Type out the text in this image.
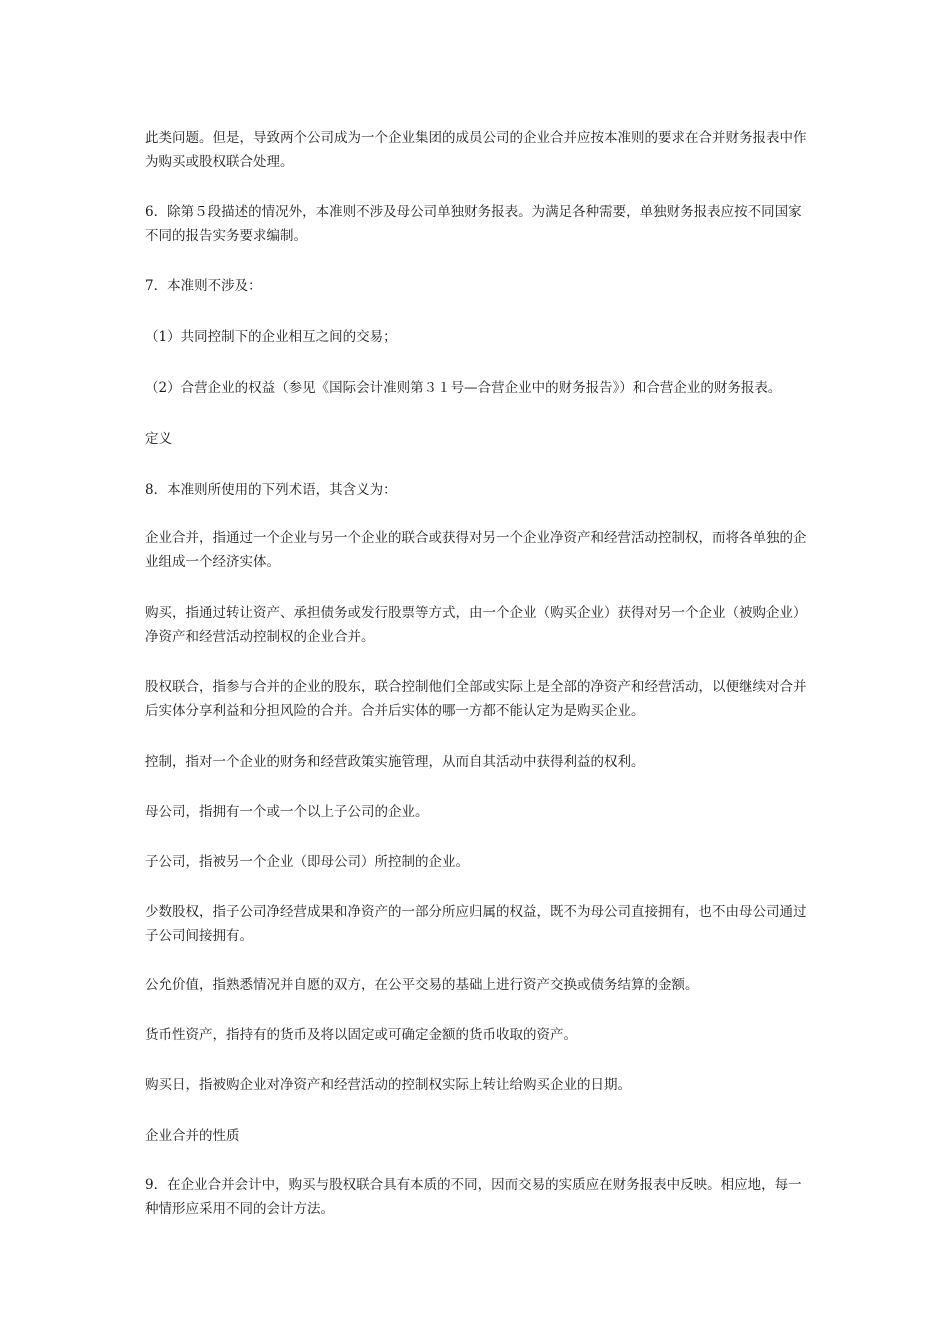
此类问题。但是，导致两个公司成为一个企业集团的成员公司的企业合并应按本准则的要求在合并财务报表中作
为购买或股权联合处理。

6．除第５段描述的情况外，本准则不涉及母公司单独财务报表。为满足各种需要，单独财务报表应按不同国家
不同的报告实务要求编制。

7．本准则不涉及：

（1）共同控制下的企业相互之间的交易；

（2）合营企业的权益（参见《国际会计准则第３１号—合营企业中的财务报告》）和合营企业的财务报表。

定义

8．本准则所使用的下列术语，其含义为：

企业合并，指通过一个企业与另一个企业的联合或获得对另一个企业净资产和经营活动控制权，而将各单独的企
业组成一个经济实体。

购买，指通过转让资产、承担债务或发行股票等方式，由一个企业（购买企业）获得对另一个企业（被购企业）
净资产和经营活动控制权的企业合并。

股权联合，指参与合并的企业的股东，联合控制他们全部或实际上是全部的净资产和经营活动，以便继续对合并
后实体分享利益和分担风险的合并。合并后实体的哪一方都不能认定为是购买企业。

控制，指对一个企业的财务和经营政策实施管理，从而自其活动中获得利益的权利。

母公司，指拥有一个或一个以上子公司的企业。

子公司，指被另一个企业（即母公司）所控制的企业。

少数股权，指子公司净经营成果和净资产的一部分所应归属的权益，既不为母公司直接拥有，也不由母公司通过
子公司间接拥有。

公允价值，指熟悉情况并自愿的双方，在公平交易的基础上进行资产交换或债务结算的金额。

货币性资产，指持有的货币及将以固定或可确定金额的货币收取的资产。

购买日，指被购企业对净资产和经营活动的控制权实际上转让给购买企业的日期。

企业合并的性质

9．在企业合并会计中，购买与股权联合具有本质的不同，因而交易的实质应在财务报表中反映。相应地，每一
种情形应采用不同的会计方法。
